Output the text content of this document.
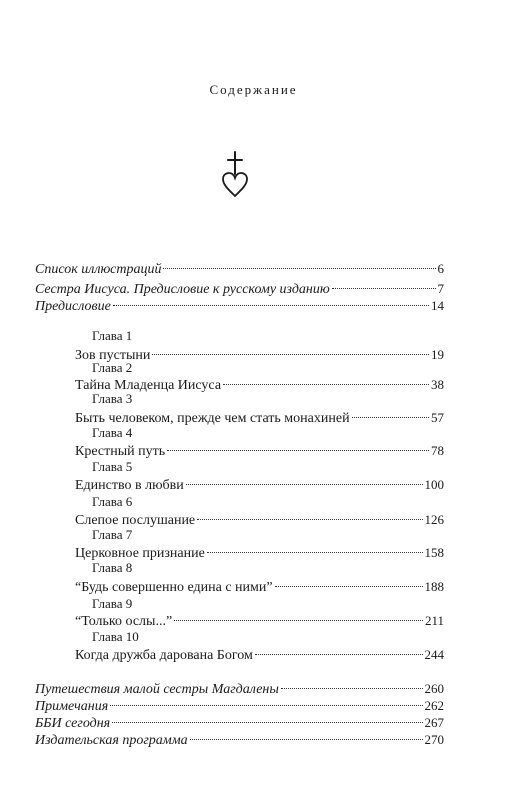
Содержание
Список иллюстраций	6
Сестра Иисуса. Предисловие к русскому изданию	7
Предисловие	14
Глава 1
Зов пустыни	19
Глава 2
Тайна Младенца Иисуса	38
Глава 3
Быть человеком, прежде чем стать монахиней	57
Глава 4
Крестный путь	78
Глава 5
Единство в любви	100
Глава 6
Слепое послушание	126
Глава 7
Церковное признание	158
Глава 8
“Будь совершенно едина с ними”	188
Глава 9
“Только ослы...”	211
Глава 10
Когда дружба дарована Богом	244
Путешествия малой сестры Магдалены	260
Примечания	262
ББИ сегодня	267
Издательская программа	270
